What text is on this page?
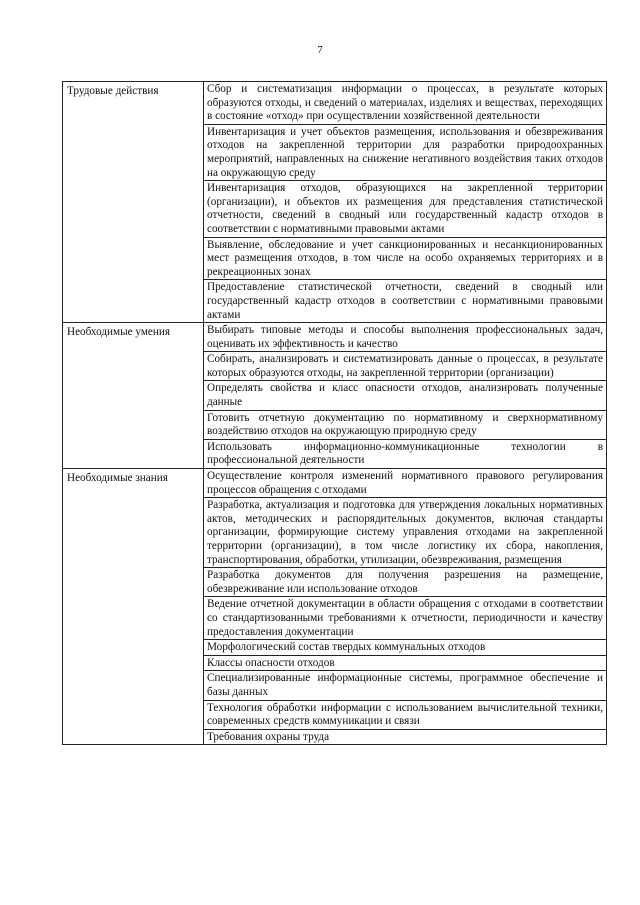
7
Трудовые действия	Сбор и систематизация информации о процессах, в результате которых образуются отходы, и сведений о материалах, изделиях и веществах, переходящих в состояние «отход» при осуществлении хозяйственной деятельности
	Инвентаризация и учет объектов размещения, использования и обезвреживания отходов на закрепленной территории для разработки природоохранных мероприятий, направленных на снижение негативного воздействия таких отходов на окружающую среду
	Инвентаризация отходов, образующихся на закрепленной территории (организации), и объектов их размещения для представления статистической отчетности, сведений в сводный или государственный кадастр отходов в соответствии с нормативными правовыми актами
	Выявление, обследование и учет санкционированных и несанкционированных мест размещения отходов, в том числе на особо охраняемых территориях и в рекреационных зонах
	Предоставление статистической отчетности, сведений в сводный или государственный кадастр отходов в соответствии с нормативными правовыми актами
Необходимые умения	Выбирать типовые методы и способы выполнения профессиональных задач, оценивать их эффективность и качество
	Собирать, анализировать и систематизировать данные о процессах, в результате которых образуются отходы, на закрепленной территории (организации)
	Определять свойства и класс опасности отходов, анализировать полученные данные
	Готовить отчетную документацию по нормативному и сверхнормативному воздействию отходов на окружающую природную среду
	Использовать информационно-коммуникационные технологии в профессиональной деятельности
Необходимые знания	Осуществление контроля изменений нормативного правового регулирования процессов обращения с отходами
	Разработка, актуализация и подготовка для утверждения локальных нормативных актов, методических и распорядительных документов, включая стандарты организации, формирующие систему управления отходами на закрепленной территории (организации), в том числе логистику их сбора, накопления, транспортирования, обработки, утилизации, обезвреживания, размещения
	Разработка документов для получения разрешения на размещение, обезвреживание или использование отходов
	Ведение отчетной документации в области обращения с отходами в соответствии со стандартизованными требованиями к отчетности, периодичности и качеству предоставления документации
	Морфологический состав твердых коммунальных отходов
	Классы опасности отходов
	Специализированные информационные системы, программное обеспечение и базы данных
	Технология обработки информации с использованием вычислительной техники, современных средств коммуникации и связи
	Требования охраны труда
